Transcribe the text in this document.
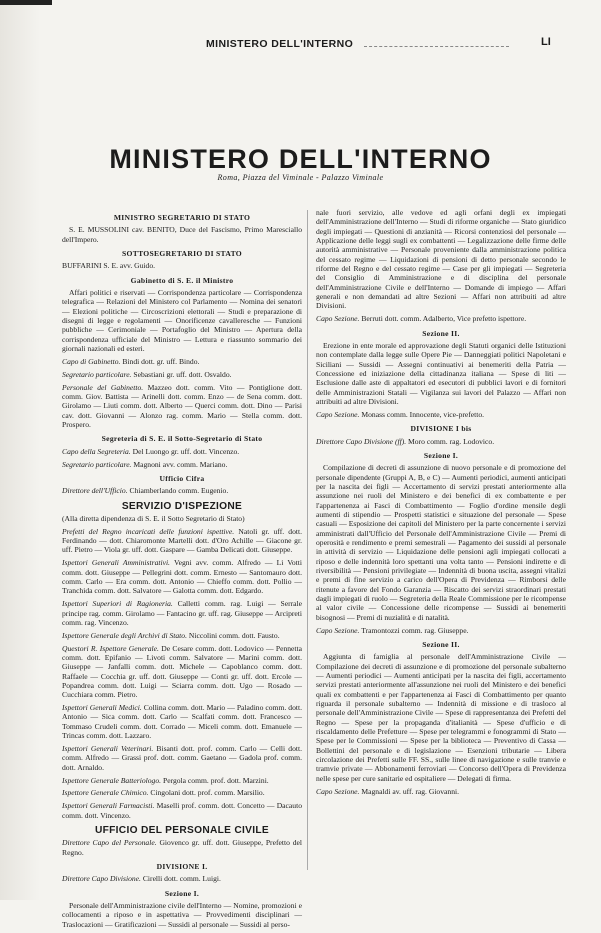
MINISTERO DELL'INTERNO	LI
MINISTERO DELL'INTERNO
Roma, Piazza del Viminale - Palazzo Viminale
MINISTRO SEGRETARIO DI STATO

S. E. MUSSOLINI cav. BENITO, Duce del Fascismo, Primo Maresciallo dell'Impero.

SOTTOSEGRETARIO DI STATO

BUFFARINI S. E. avv. Guido.

Gabinetto di S. E. il Ministro

Affari politici e riservati — Corrispondenza particolare — Corrispondenza telegrafica — Relazioni del Ministero col Parlamento — Nomina dei senatori — Elezioni politiche — Circoscrizioni elettorali — Studi e preparazione di disegni di legge e regolamenti — Onorificenze cavalleresche — Funzioni pubbliche — Cerimoniale — Portafoglio del Ministro — Apertura della corrispondenza ufficiale del Ministro — Lettura e riassunto sommario dei giornali nazionali ed esteri.

Capo di Gabinetto. Bindi dott. gr. uff. Bindo.

Segretario particolare. Sebastiani gr. uff. dott. Osvaldo.

Personale del Gabinetto. Mazzeo dott. comm. Vito — Pontiglione dott. comm. Giov. Battista — Arinelli dott. comm. Enzo — de Sena comm. dott. Girolamo — Liuti comm. dott. Alberto — Querci comm. dott. Dino — Parisi cav. dott. Giovanni — Alonzo rag. comm. Mario — Stella comm. dott. Prospero.

Segreteria di S. E. il Sotto-Segretario di Stato

Capo della Segreteria. Del Luongo gr. uff. dott. Vincenzo.

Segretario particolare. Magnoni avv. comm. Mariano.

Ufficio Cifra

Direttore dell'Ufficio. Chiamberlando comm. Eugenio.

SERVIZIO D'ISPEZIONE

(Alla diretta dipendenza di S. E. il Sotto Segretario di Stato)

Prefetti del Regno incaricati delle funzioni ispettive. Natoli gr. uff. dott. Ferdinando — dott. Chiaromonte Martelli dott. d'Oro Achille — Giacone gr. uff. Pietro — Viola gr. uff. dott. Gaspare — Gamba Delicati dott. Giuseppe.

Ispettori Generali Amministrativi. Vegni avv. comm. Alfredo — Li Votti comm. dott. Giuseppe — Pellegrini dott. comm. Ernesto — Santomauro dott. comm. Carlo — Era comm. dott. Antonio — Chieffo comm. dott. Pollio — Tranchida comm. dott. Salvatore — Galotta comm. dott. Edgardo.

Ispettori Superiori di Ragioneria. Calletti comm. rag. Luigi — Serrale principe rag. comm. Girolamo — Fantacino gr. uff. rag. Giuseppe — Arcipreti comm. rag. Vincenzo.

Ispettore Generale degli Archivi di Stato. Niccolini comm. dott. Fausto.

Questori R. Ispettore Generale. De Cesare comm. dott. Lodovico — Pennetta comm. dott. Epifanio — Livoti comm. Salvatore — Marini comm. dott. Giuseppe — Janfalli comm. dott. Michele — Capoblanco comm. dott. Raffaele — Cocchia gr. uff. dott. Giuseppe — Conti gr. uff. dott. Ercole — Popandrea comm. dott. Luigi — Sciarra comm. dott. Ugo — Rosado — Cucchiara comm. Pietro.

Ispettori Generali Medici. Collina comm. dott. Mario — Paladino comm. dott. Antonio — Sica comm. dott. Carlo — Scalfati comm. dott. Francesco — Tommaso Crudeli comm. dott. Corrado — Miceli comm. dott. Emanuele — Trincas comm. dott. Lazzaro.

Ispettori Generali Veterinari. Bisanti dott. prof. comm. Carlo — Celli dott. comm. Alfredo — Grassi prof. dott. comm. Gaetano — Gadola prof. comm. dott. Arnaldo.

Ispettore Generale Batteriologo. Pergola comm. prof. dott. Marzini.

Ispettore Generale Chimico. Cingolani dott. prof. comm. Marsilio.

Ispettori Generali Farmacisti. Maselli prof. comm. dott. Concetto — Dacauto comm. dott. Vincenzo.

UFFICIO DEL PERSONALE CIVILE

Direttore Capo del Personale. Giovenco gr. uff. dott. Giuseppe, Prefetto del Regno.

DIVISIONE I.

Direttore Capo Divisione. Cirelli dott. comm. Luigi.

Sezione I.

Personale dell'Amministrazione civile dell'Interno — Nomine, promozioni e collocamenti a riposo e in aspettativa — Provvedimenti disciplinari — Traslocazioni — Gratificazioni — Sussidi al personale — Sussidi al perso-

nale fuori servizio, alle vedove ed agli orfani degli ex impiegati dell'Amministrazione dell'Interno — Studi di riforme organiche — Stato giuridico degli impiegati — Questioni di anzianità — Ricorsi contenziosi del personale — Applicazione delle leggi sugli ex combattenti — Legalizzazione delle firme delle autorità amministrative — Personale proveniente dalla amministrazione politica del cessato regime — Liquidazioni di pensioni di detto personale secondo le riforme del Regno e del cessato regime — Case per gli impiegati — Segreteria del Consiglio di Amministrazione e di disciplina del personale dell'Amministrazione Civile e dell'Interno — Domande di impiego — Affari generali e non demandati ad altre Sezioni — Affari non attribuiti ad altre Divisioni.

Capo Sezione. Berruti dott. comm. Adalberto, Vice prefetto ispettore.

Sezione II.

Erezione in ente morale ed approvazione degli Statuti organici delle Istituzioni non contemplate dalla legge sulle Opere Pie — Danneggiati politici Napoletani e Siciliani — Sussidi — Assegni continuativi ai benemeriti della Patria — Concessione ed iniziazione della cittadinanza italiana — Spese di liti — Esclusione dalle aste di appaltatori ed esecutori di pubblici lavori e di fornitori delle Amministrazioni Statali — Vigilanza sui lavori del Palazzo — Affari non attribuiti ad altre Divisioni.

Capo Sezione. Monass comm. Innocente, vice-prefetto.

DIVISIONE I bis

Direttore Capo Divisione (ff). Moro comm. rag. Lodovico.

Sezione I.

Compilazione di decreti di assunzione di nuovo personale e di promozione del personale dipendente (Gruppi A, B, e C) — Aumenti periodici, aumenti anticipati per la nascita dei figli — Accertamento di servizi prestati anteriormente alla assunzione nei ruoli del Ministero e dei benefici di ex combattente e per l'appartenenza ai Fasci di Combattimento — Foglio d'ordine mensile degli aumenti di stipendio — Prospetti statistici e situazione del personale — Spese casuali — Esposizione dei capitoli del Ministero per la parte concernente i servizi amministrati dall'Ufficio del Personale dell'Amministrazione Civile — Premi di operosità e rendimento e premi semestrali — Pagamento dei sussidi al personale in attività di servizio — Liquidazione delle pensioni agli impiegati collocati a riposo e delle indennità loro spettanti una volta tanto — Pensioni indirette e di riversibilità — Pensioni privilegiate — Indennità di buona uscita, assegni vitalizi e premi di fine servizio a carico dell'Opera di Previdenza — Rimborsi delle ritenute a favore del Fondo Garanzia — Riscatto dei servizi straordinari prestati dagli impiegati di ruolo — Segreteria della Reale Commissione per le ricompense al valor civile — Concessione delle ricompense — Sussidi ai benemeriti bisognosi — Premi di nuzialità e di natalità.

Capo Sezione. Tramontozzi comm. rag. Giuseppe.

Sezione II.

Aggiunta di famiglia al personale dell'Amministrazione Civile — Compilazione dei decreti di assunzione e di promozione del personale subalterno — Aumenti periodici — Aumenti anticipati per la nascita dei figli, accertamento servizi prestati anteriormente all'assunzione nei ruoli del Ministero e dei benefici quali ex combattenti e per l'appartenenza ai Fasci di Combattimento per quanto riguarda il personale subalterno — Indennità di missione e di trasloco al personale dell'Amministrazione Civile — Spese di rappresentanza dei Prefetti del Regno — Spese per la propaganda d'italianità — Spese d'ufficio e di riscaldamento delle Prefetture — Spese per telegrammi e fonogrammi di Stato — Spese per le Commissioni — Spese per la biblioteca — Preventivo di Cassa — Bollettini del personale e di legislazione — Esenzioni tributarie — Libera circolazione dei Prefetti sulle FF. SS., sulle linee di navigazione e sulle tranvie e tramvie private — Abbonamenti ferroviari — Concorso dell'Opera di Previdenza nelle spese per cure sanitarie ed ospitaliere — Delegati di firma.

Capo Sezione. Magnaldi av. uff. rag. Giovanni.
